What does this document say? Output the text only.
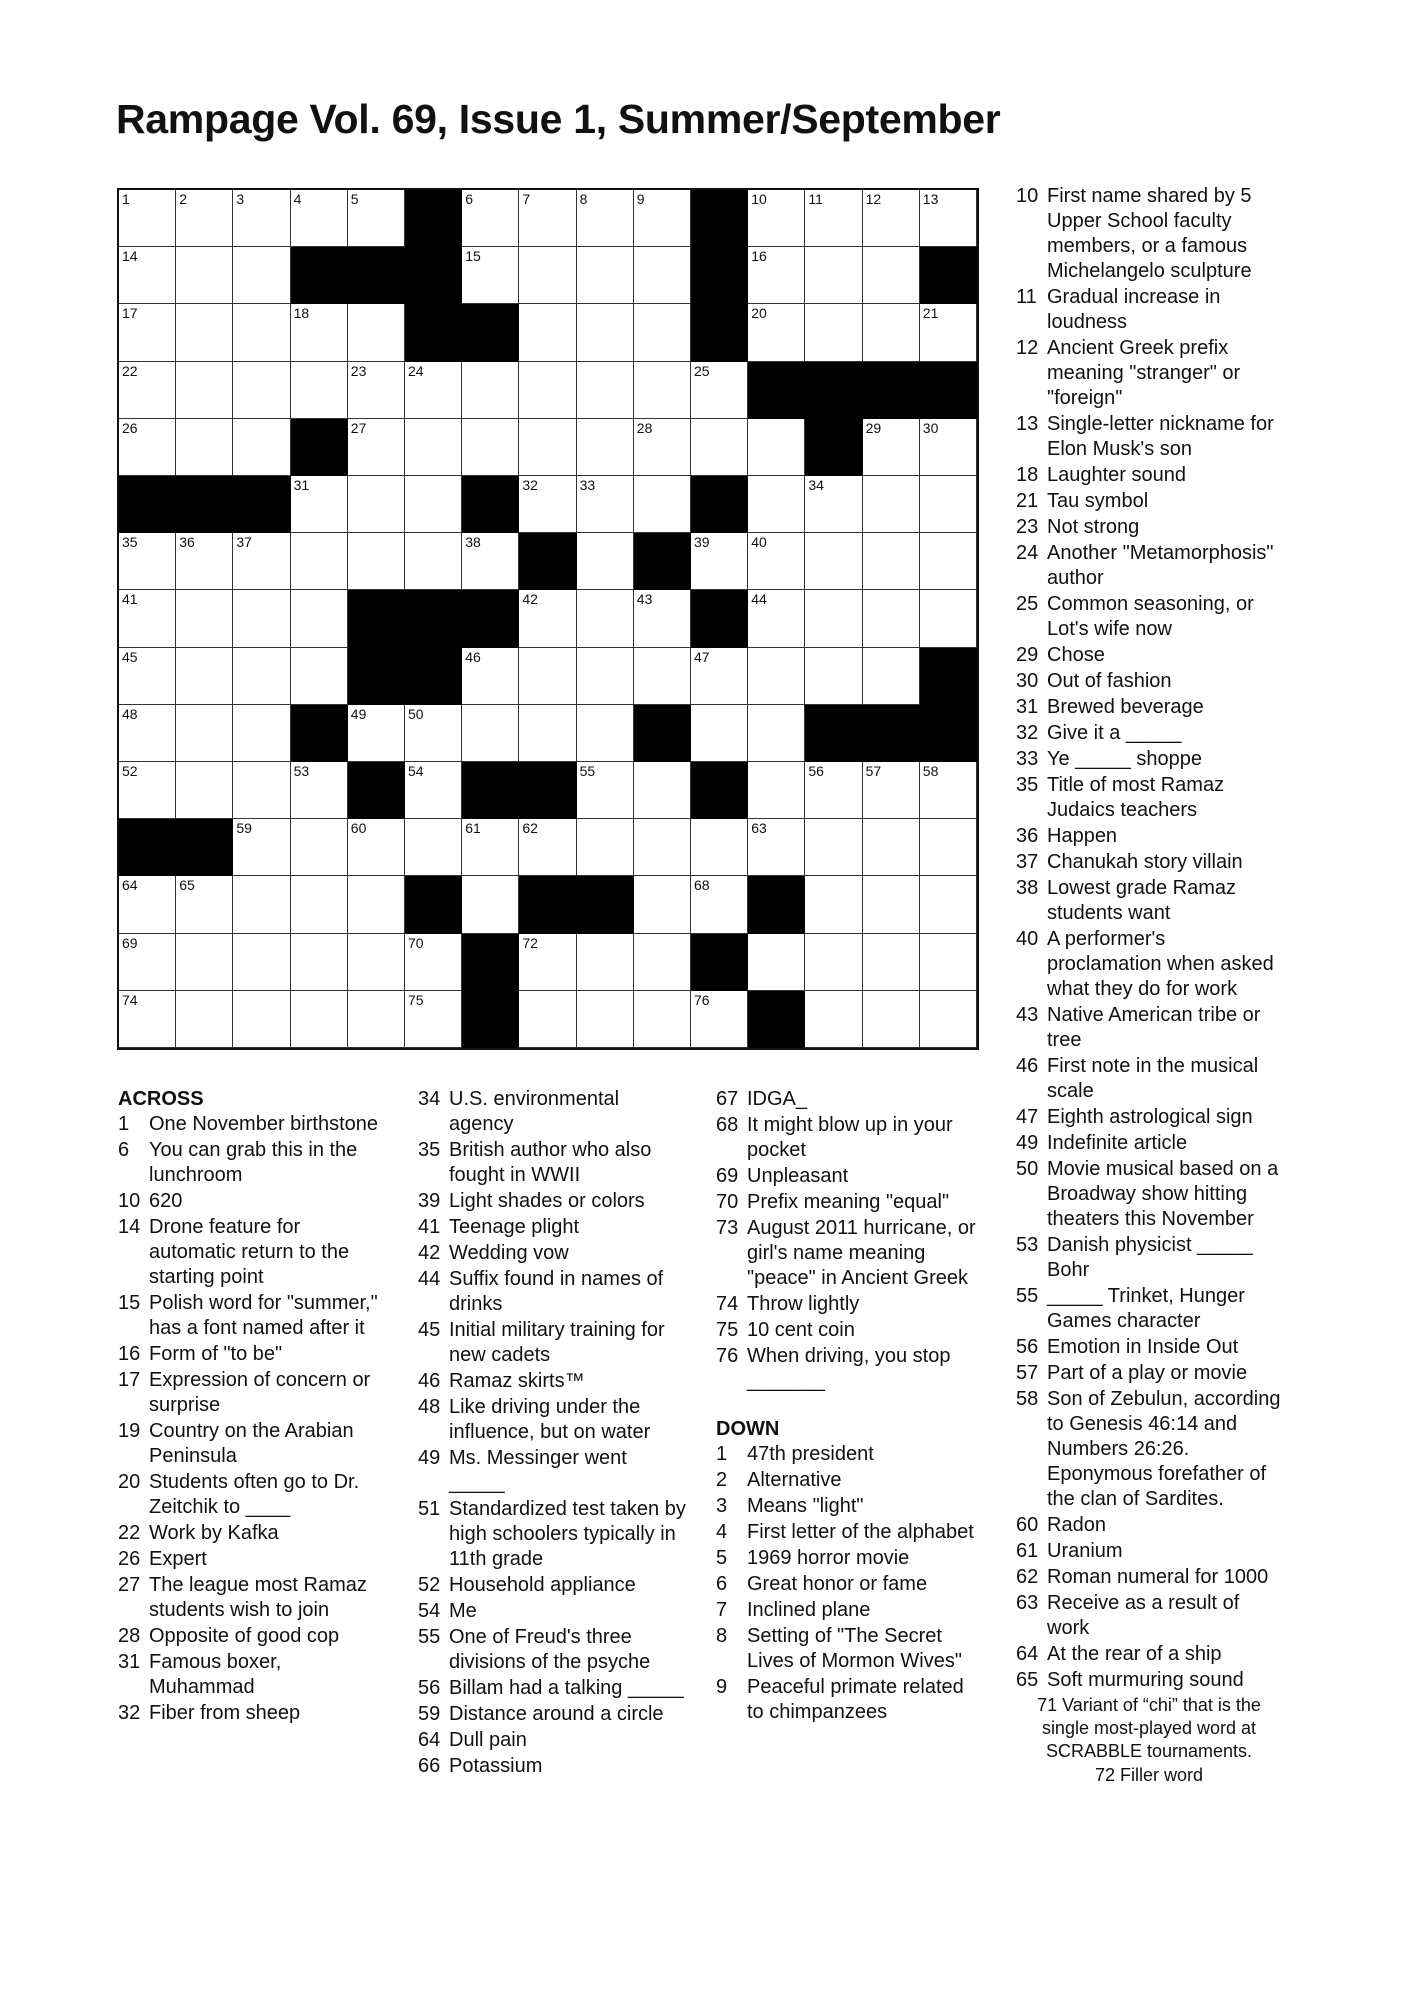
Rampage Vol. 69, Issue 1, Summer/September
1	2	3	4	5	6	7	8	9	10	11	12	13
14	15	16
17	18	20	21
22	23	24	25
26	27	28	29	30
31	32	33	34
35	36	37	38	39	40
41	42	43	44
45	46	47
48	49	50
52	53	54	55	56	57	58
59	60	61	62	63
64	65	68
69	70	72
74	75	76
ACROSS
1 One November birthstone
6 You can grab this in the lunchroom
10 620
14 Drone feature for automatic return to the starting point
15 Polish word for "summer," has a font named after it
16 Form of "to be"
17 Expression of concern or surprise
19 Country on the Arabian Peninsula
20 Students often go to Dr. Zeitchik to ____
22 Work by Kafka
26 Expert
27 The league most Ramaz students wish to join
28 Opposite of good cop
31 Famous boxer, Muhammad
32 Fiber from sheep
34 U.S. environmental agency
35 British author who also fought in WWII
39 Light shades or colors
41 Teenage plight
42 Wedding vow
44 Suffix found in names of drinks
45 Initial military training for new cadets
46 Ramaz skirts™
48 Like driving under the influence, but on water
49 Ms. Messinger went _____
51 Standardized test taken by high schoolers typically in 11th grade
52 Household appliance
54 Me
55 One of Freud's three divisions of the psyche
56 Billam had a talking _____
59 Distance around a circle
64 Dull pain
66 Potassium
67 IDGA_
68 It might blow up in your pocket
69 Unpleasant
70 Prefix meaning "equal"
73 August 2011 hurricane, or girl's name meaning "peace" in Ancient Greek
74 Throw lightly
75 10 cent coin
76 When driving, you stop _______
DOWN
1 47th president
2 Alternative
3 Means "light"
4 First letter of the alphabet
5 1969 horror movie
6 Great honor or fame
7 Inclined plane
8 Setting of "The Secret Lives of Mormon Wives"
9 Peaceful primate related to chimpanzees
10 First name shared by 5 Upper School faculty members, or a famous Michelangelo sculpture
11 Gradual increase in loudness
12 Ancient Greek prefix meaning "stranger" or "foreign"
13 Single-letter nickname for Elon Musk's son
18 Laughter sound
21 Tau symbol
23 Not strong
24 Another "Metamorphosis" author
25 Common seasoning, or Lot's wife now
29 Chose
30 Out of fashion
31 Brewed beverage
32 Give it a _____
33 Ye _____ shoppe
35 Title of most Ramaz Judaics teachers
36 Happen
37 Chanukah story villain
38 Lowest grade Ramaz students want
40 A performer's proclamation when asked what they do for work
43 Native American tribe or tree
46 First note in the musical scale
47 Eighth astrological sign
49 Indefinite article
50 Movie musical based on a Broadway show hitting theaters this November
53 Danish physicist _____ Bohr
55 _____ Trinket, Hunger Games character
56 Emotion in Inside Out
57 Part of a play or movie
58 Son of Zebulun, according to Genesis 46:14 and Numbers 26:26. Eponymous forefather of the clan of Sardites.
60 Radon
61 Uranium
62 Roman numeral for 1000
63 Receive as a result of work
64 At the rear of a ship
65 Soft murmuring sound
71 Variant of “chi” that is the single most-played word at SCRABBLE tournaments.
72 Filler word
